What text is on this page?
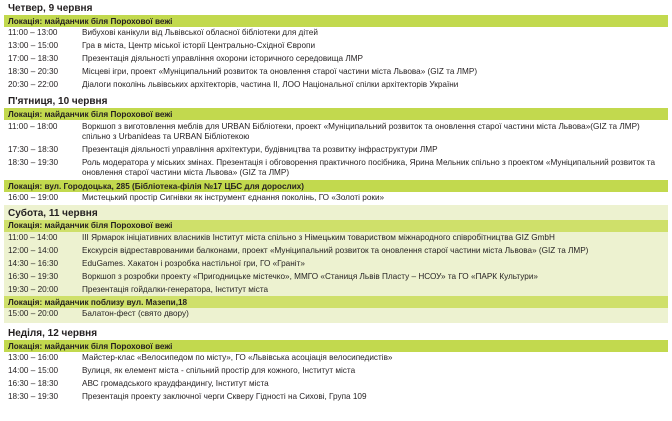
Четвер, 9 червня
Локація: майданчик біля Порохової вежі
11:00 – 13:00	Вибухові канікули від Львівської обласної бібліотеки для дітей
13:00 – 15:00	Гра в міста, Центр міської історії Центрально-Східної Європи
17:00 – 18:30	Презентація діяльності управління охорони історичного середовища ЛМР
18:30 – 20:30	Місцеві ігри, проект «Муніципальний розвиток та оновлення старої частини міста Львова» (GIZ та ЛМР)
20:30 – 22:00	Діалоги поколінь львівських архітекторів, частина ІІ, ЛОО Національної спілки архітекторів України
П'ятниця, 10 червня
Локація: майданчик біля Порохової вежі
11:00 – 18:00	Воркшоп з виготовлення меблів для URBAN Бібліотеки, проект «Муніципальний розвиток та оновлення старої частини міста Львова»(GIZ та ЛМР) спільно з Urbanideas та URBAN Бібліотекою
17:30 – 18:30	Презентація діяльності управління архітектури, будівництва та розвитку інфраструктури ЛМР
18:30 – 19:30	Роль модератора у міських змінах. Презентація і обговорення практичного посібника, Ярина Мельник спільно з проектом «Муніципальний розвиток та оновлення старої частини міста Львова» (GIZ та ЛМР)
Локація: вул. Городоцька, 285 (Бібліотека-філія №17 ЦБС для дорослих)
16:00 – 19:00	Мистецький простір Сигнівки як інструмент єднання поколінь, ГО «Золоті роки»
Субота, 11 червня
Локація: майданчик біля Порохової вежі
11:00 – 14:00	ІІІ Ярмарок ініціативних власників Інститут міста спільно з Німецьким товариством міжнародного співробітництва GIZ GmbH
12:00 – 14:00	Екскурсія відреставрованими балконами, проект «Муніципальний розвиток та оновлення старої частини міста Львова» (GIZ та ЛМР)
14:30 – 16:30	EduGames. Хакатон і розробка настільної гри, ГО «Граніт»
16:30 – 19:30	Воркшоп з розробки проекту «Пригодницьке містечко», ММГО «Станиця Львів Пласту – НСОУ» та ГО «ПАРК Культури»
19:30 – 20:00	Презентація гойдалки-генератора, Інститут міста
Локація: майданчик поблизу вул. Мазепи,18
15:00 – 20:00	Балатон-фест (свято двору)
Неділя, 12 червня
Локація: майданчик біля Порохової вежі
13:00 – 16:00	Майстер-клас «Велосипедом по місту», ГО «Львівська асоціація велосипедистів»
14:00 – 15:00	Вулиця, як елемент міста - спільний простір для кожного, Інститут міста
16:30 – 18:30	АВС громадського краудфандингу, Інститут міста
18:30 – 19:30	Презентація проекту заключної черги Скверу Гідності на Сихові, Група 109
